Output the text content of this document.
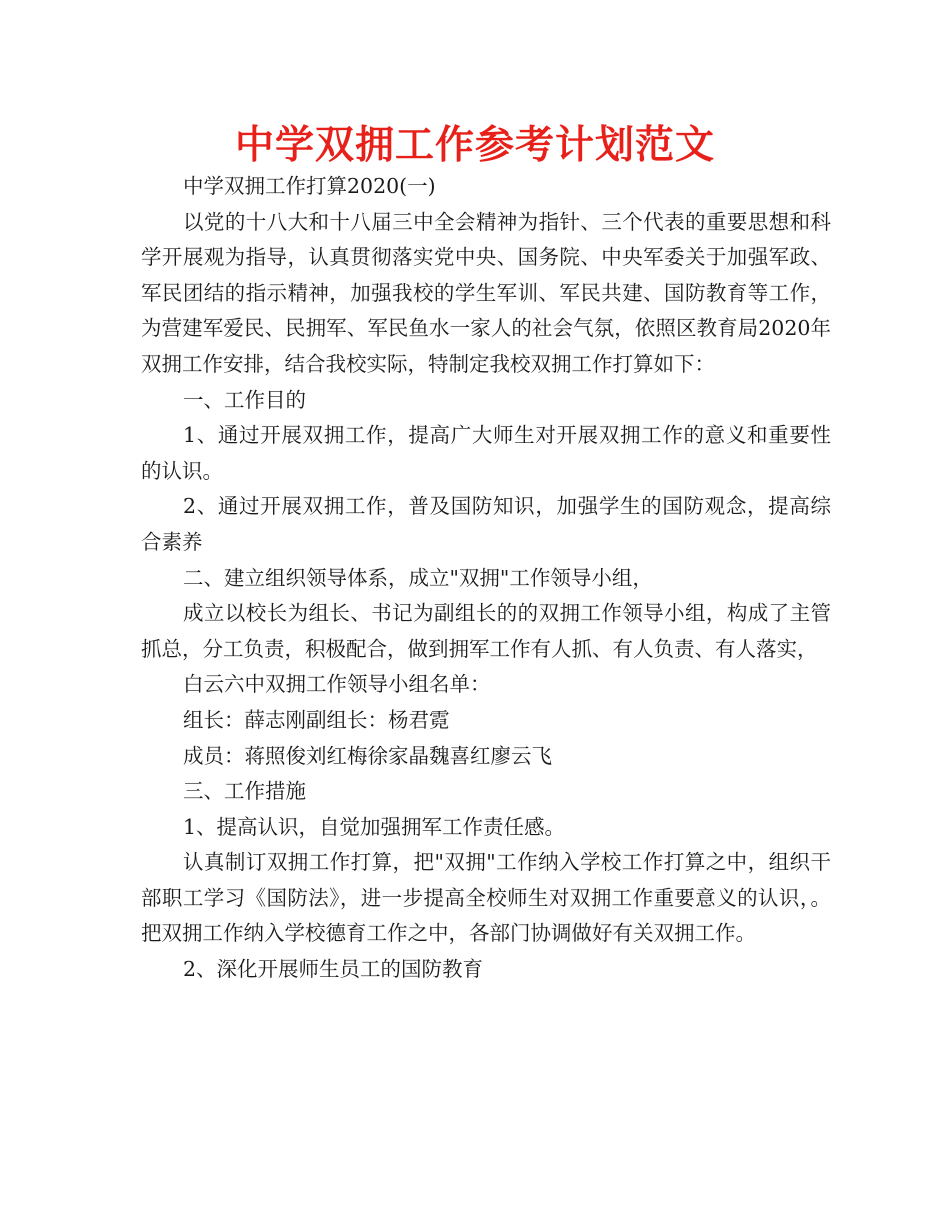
中学双拥工作参考计划范文

中学双拥工作打算2020(一)

以党的十八大和十八届三中全会精神为指针、三个代表的重要思想和科学开展观为指导，认真贯彻落实党中央、国务院、中央军委关于加强军政、军民团结的指示精神，加强我校的学生军训、军民共建、国防教育等工作，为营建军爱民、民拥军、军民鱼水一家人的社会气氛，依照区教育局2020年双拥工作安排，结合我校实际，特制定我校双拥工作打算如下：

一、工作目的

1、通过开展双拥工作，提高广大师生对开展双拥工作的意义和重要性的认识。

2、通过开展双拥工作，普及国防知识，加强学生的国防观念，提高综合素养

二、建立组织领导体系，成立"双拥"工作领导小组，

成立以校长为组长、书记为副组长的的双拥工作领导小组，构成了主管抓总，分工负责，积极配合，做到拥军工作有人抓、有人负责、有人落实，

白云六中双拥工作领导小组名单：

组长：薛志刚副组长：杨君霓

成员：蒋照俊刘红梅徐家晶魏喜红廖云飞

三、工作措施

1、提高认识，自觉加强拥军工作责任感。

认真制订双拥工作打算，把"双拥"工作纳入学校工作打算之中，组织干部职工学习《国防法》，进一步提高全校师生对双拥工作重要意义的认识，。把双拥工作纳入学校德育工作之中，各部门协调做好有关双拥工作。

2、深化开展师生员工的国防教育
